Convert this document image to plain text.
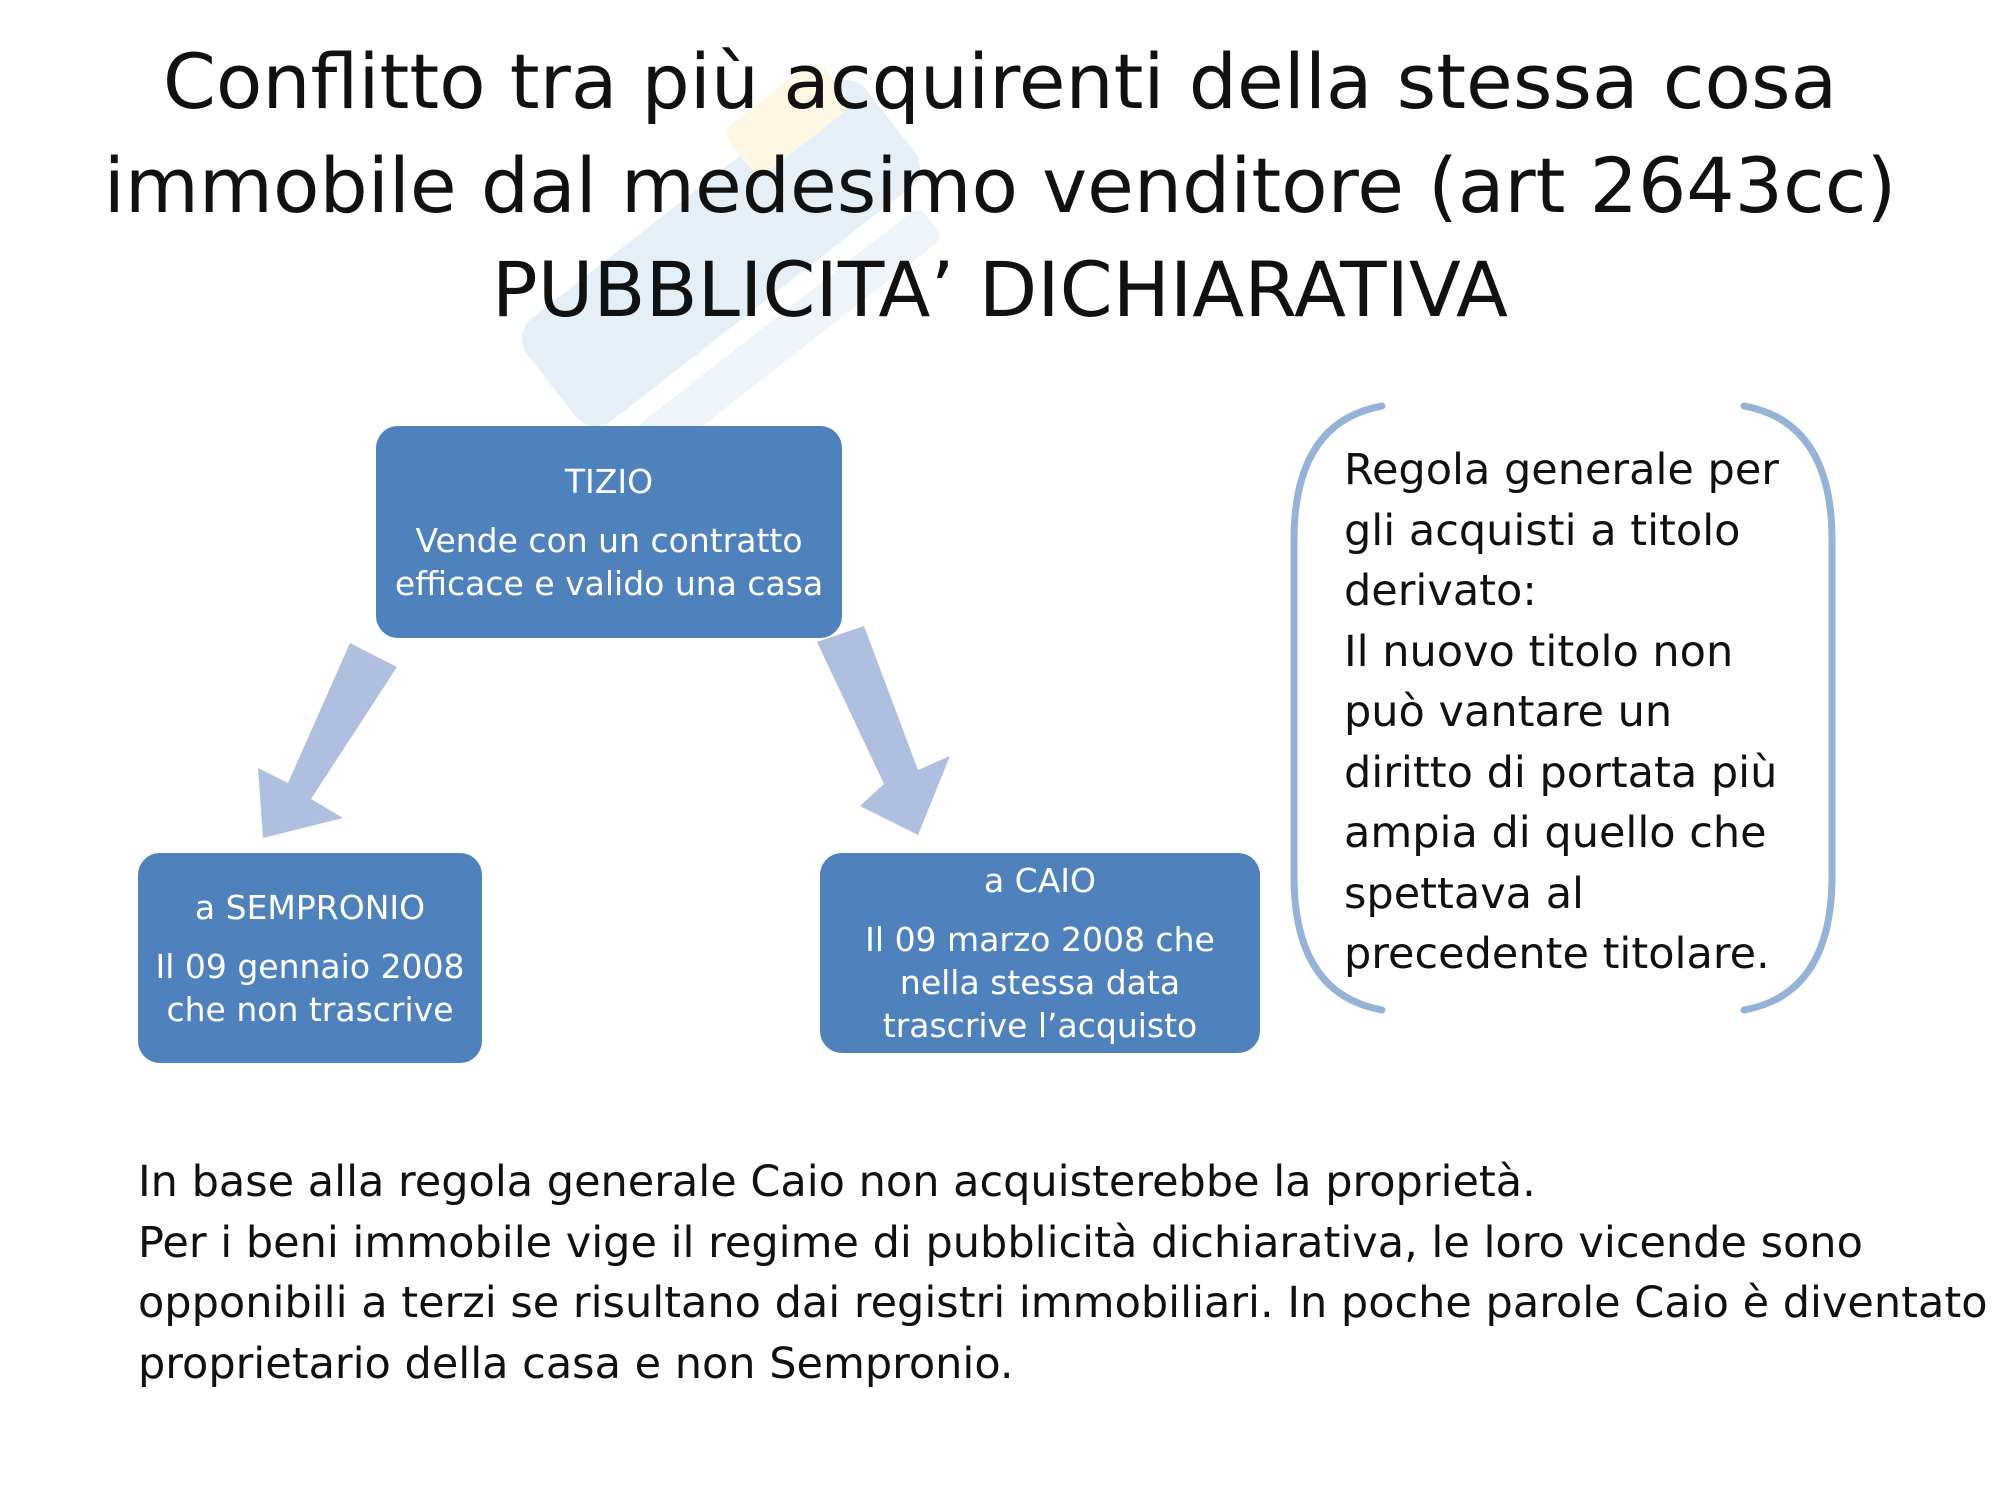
Conflitto tra più acquirenti della stessa cosa
immobile dal medesimo venditore (art 2643cc)
PUBBLICITA’ DICHIARATIVA
TIZIO
Vende con un contratto
efficace e valido una casa
a SEMPRONIO
Il 09 gennaio 2008
che non trascrive
a CAIO
Il 09 marzo 2008 che
nella stessa data
trascrive l’acquisto
Regola generale per
gli acquisti a titolo
derivato:
Il nuovo titolo non
può vantare un
diritto di portata più
ampia di quello che
spettava al
precedente titolare.
In base alla regola generale Caio non acquisterebbe la proprietà.
Per i beni immobile vige il regime di pubblicità dichiarativa, le loro vicende sono
opponibili a terzi se risultano dai registri immobiliari. In poche parole Caio è diventato
proprietario della casa e non Sempronio.
